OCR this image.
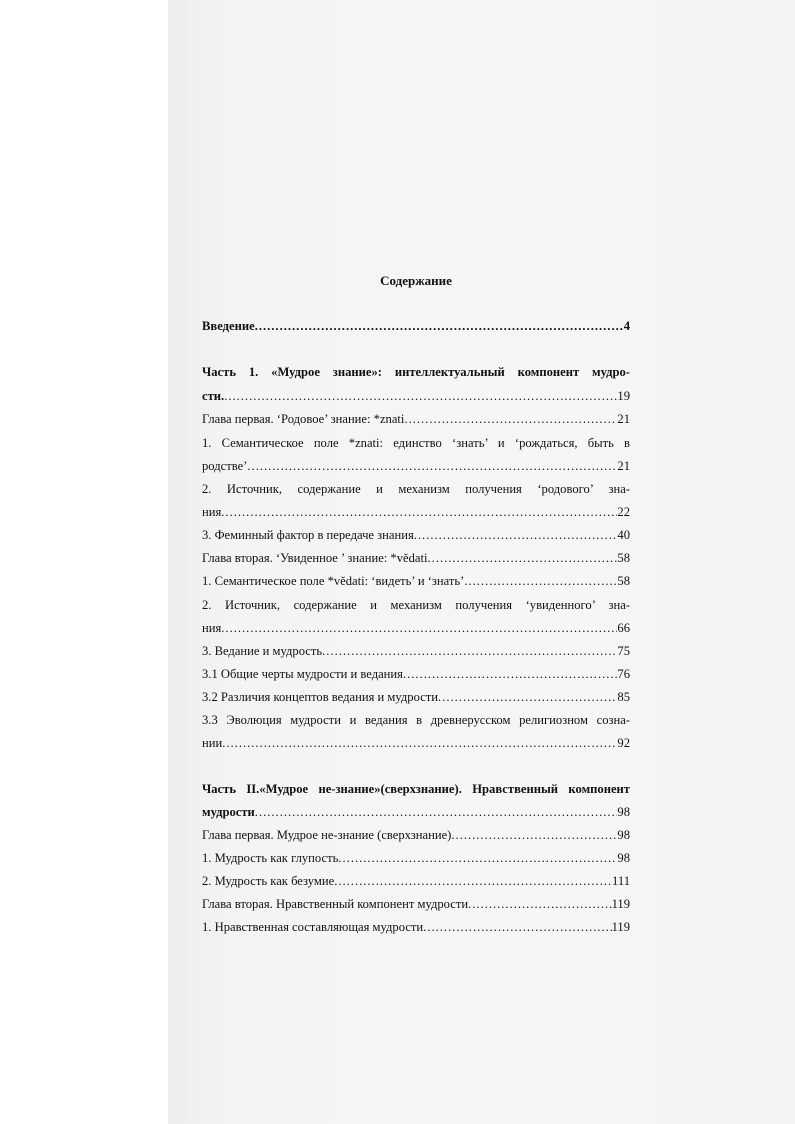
Содержание
Введение .....	4
Часть 1. «Мудрое знание»: интеллектуальный компонент мудро-
сти. .....	19
Глава первая. ‘Родовое’ знание: *znati .....	21
1. Семантическое поле *znati: единство ‘знать’ и ‘рождаться, быть в
родстве’ .....	21
2. Источник, содержание и механизм получения ‘родового’ зна-
ния .....	22
3. Феминный фактор в передаче знания .....	40
Глава вторая. ‘Увиденное ’ знание: *vědati .....	58
1. Семантическое поле *vědati: ‘видеть’ и ‘знать’ .....	58
2. Источник, содержание и механизм получения ‘увиденного’ зна-
ния .....	66
3. Ведание и мудрость .....	75
3.1 Общие черты мудрости и ведания .....	76
3.2 Различия концептов ведания и мудрости .....	85
3.3 Эволюция мудрости и ведания в древнерусском религиозном созна-
нии .....	92
Часть II.«Мудрое не-знание»(сверхзнание). Нравственный компонент
мудрости .....	98
Глава первая. Мудрое не-знание (сверхзнание) .....	98
1. Мудрость как глупость .....	98
2. Мудрость как безумие .....	111
Глава вторая. Нравственный компонент мудрости .....	119
1. Нравственная составляющая мудрости .....	119
